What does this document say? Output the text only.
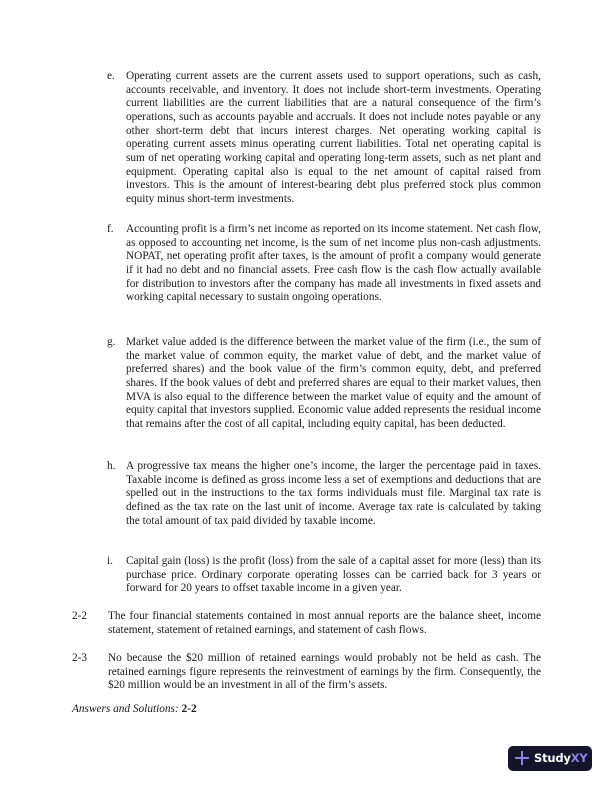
e. Operating current assets are the current assets used to support operations, such as cash, accounts receivable, and inventory. It does not include short-term investments. Operating current liabilities are the current liabilities that are a natural consequence of the firm’s operations, such as accounts payable and accruals. It does not include notes payable or any other short-term debt that incurs interest charges. Net operating working capital is operating current assets minus operating current liabilities. Total net operating capital is sum of net operating working capital and operating long-term assets, such as net plant and equipment. Operating capital also is equal to the net amount of capital raised from investors. This is the amount of interest-bearing debt plus preferred stock plus common equity minus short-term investments.
f. Accounting profit is a firm’s net income as reported on its income statement. Net cash flow, as opposed to accounting net income, is the sum of net income plus non-cash adjustments. NOPAT, net operating profit after taxes, is the amount of profit a company would generate if it had no debt and no financial assets. Free cash flow is the cash flow actually available for distribution to investors after the company has made all investments in fixed assets and working capital necessary to sustain ongoing operations.
g. Market value added is the difference between the market value of the firm (i.e., the sum of the market value of common equity, the market value of debt, and the market value of preferred shares) and the book value of the firm’s common equity, debt, and preferred shares. If the book values of debt and preferred shares are equal to their market values, then MVA is also equal to the difference between the market value of equity and the amount of equity capital that investors supplied. Economic value added represents the residual income that remains after the cost of all capital, including equity capital, has been deducted.
h. A progressive tax means the higher one’s income, the larger the percentage paid in taxes. Taxable income is defined as gross income less a set of exemptions and deductions that are spelled out in the instructions to the tax forms individuals must file. Marginal tax rate is defined as the tax rate on the last unit of income. Average tax rate is calculated by taking the total amount of tax paid divided by taxable income.
i. Capital gain (loss) is the profit (loss) from the sale of a capital asset for more (less) than its purchase price. Ordinary corporate operating losses can be carried back for 3 years or forward for 20 years to offset taxable income in a given year.
2-2 The four financial statements contained in most annual reports are the balance sheet, income statement, statement of retained earnings, and statement of cash flows.
2-3 No because the $20 million of retained earnings would probably not be held as cash. The retained earnings figure represents the reinvestment of earnings by the firm. Consequently, the $20 million would be an investment in all of the firm’s assets.
Answers and Solutions: 2-2
StudyXY
